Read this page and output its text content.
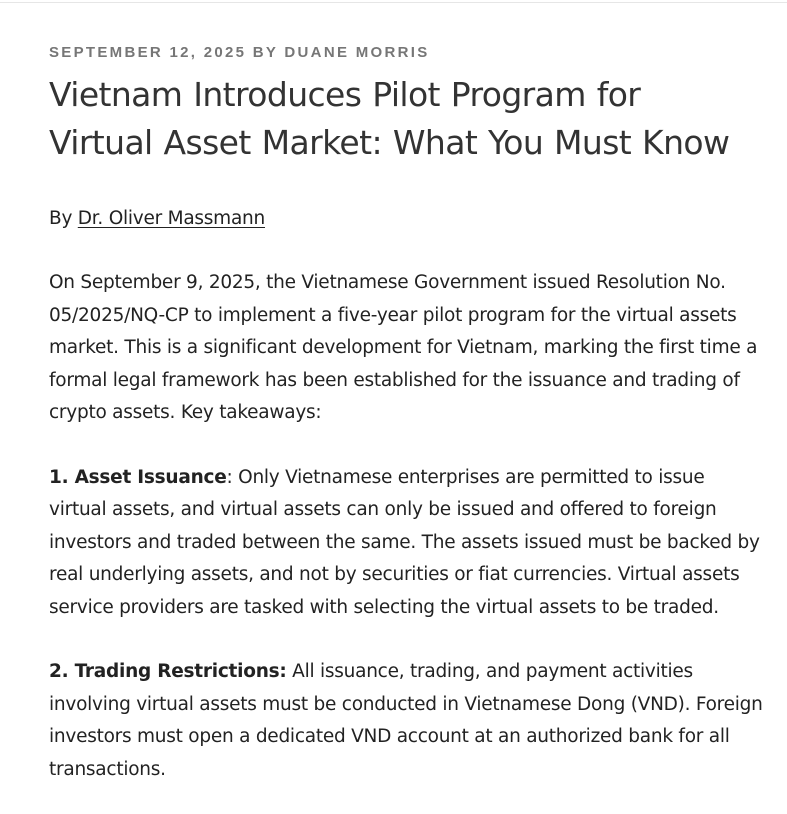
SEPTEMBER 12, 2025 BY DUANE MORRIS
Vietnam Introduces Pilot Program for
Virtual Asset Market: What You Must Know
By Dr. Oliver Massmann

On September 9, 2025, the Vietnamese Government issued Resolution No. 05/2025/NQ-CP to implement a five-year pilot program for the virtual assets market. This is a significant development for Vietnam, marking the first time a formal legal framework has been established for the issuance and trading of crypto assets. Key takeaways:

1. Asset Issuance: Only Vietnamese enterprises are permitted to issue virtual assets, and virtual assets can only be issued and offered to foreign investors and traded between the same. The assets issued must be backed by real underlying assets, and not by securities or fiat currencies. Virtual assets service providers are tasked with selecting the virtual assets to be traded.

2. Trading Restrictions: All issuance, trading, and payment activities involving virtual assets must be conducted in Vietnamese Dong (VND). Foreign investors must open a dedicated VND account at an authorized bank for all transactions.
